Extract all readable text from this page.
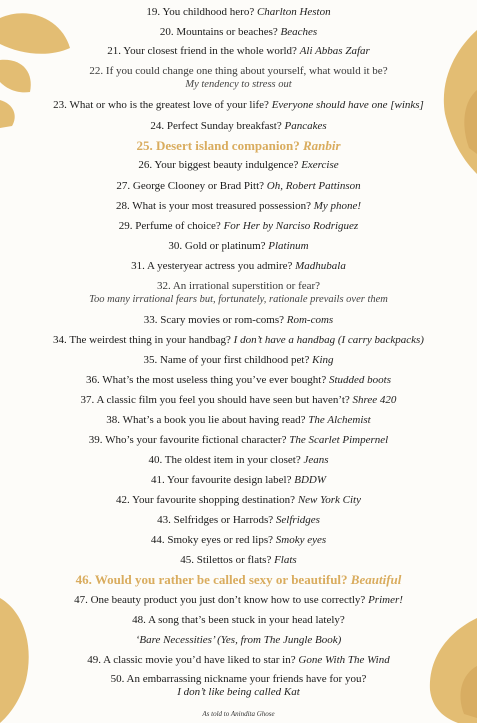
19. You childhood hero? Charlton Heston
20. Mountains or beaches? Beaches
21. Your closest friend in the whole world? Ali Abbas Zafar
22. If you could change one thing about yourself, what would it be?
My tendency to stress out
23. What or who is the greatest love of your life? Everyone should have one [winks]
24. Perfect Sunday breakfast? Pancakes
25. Desert island companion? Ranbir
26. Your biggest beauty indulgence? Exercise
27. George Clooney or Brad Pitt? Oh, Robert Pattinson
28. What is your most treasured possession? My phone!
29. Perfume of choice? For Her by Narciso Rodriguez
30. Gold or platinum? Platinum
31. A yesteryear actress you admire? Madhubala
32. An irrational superstition or fear?
Too many irrational fears but, fortunately, rationale prevails over them
33. Scary movies or rom-coms? Rom-coms
34. The weirdest thing in your handbag? I don’t have a handbag (I carry backpacks)
35. Name of your first childhood pet? King
36. What’s the most useless thing you’ve ever bought? Studded boots
37. A classic film you feel you should have seen but haven’t? Shree 420
38. What’s a book you lie about having read? The Alchemist
39. Who’s your favourite fictional character? The Scarlet Pimpernel
40. The oldest item in your closet? Jeans
41. Your favourite design label? BDDW
42. Your favourite shopping destination? New York City
43. Selfridges or Harrods? Selfridges
44. Smoky eyes or red lips? Smoky eyes
45. Stilettos or flats? Flats
46. Would you rather be called sexy or beautiful? Beautiful
47. One beauty product you just don’t know how to use correctly? Primer!
48. A song that’s been stuck in your head lately?
‘Bare Necessities’ (Yes, from The Jungle Book)
49. A classic movie you’d have liked to star in? Gone With The Wind
50. An embarrassing nickname your friends have for you?
I don’t like being called Kat
As told to Anindita Ghose
